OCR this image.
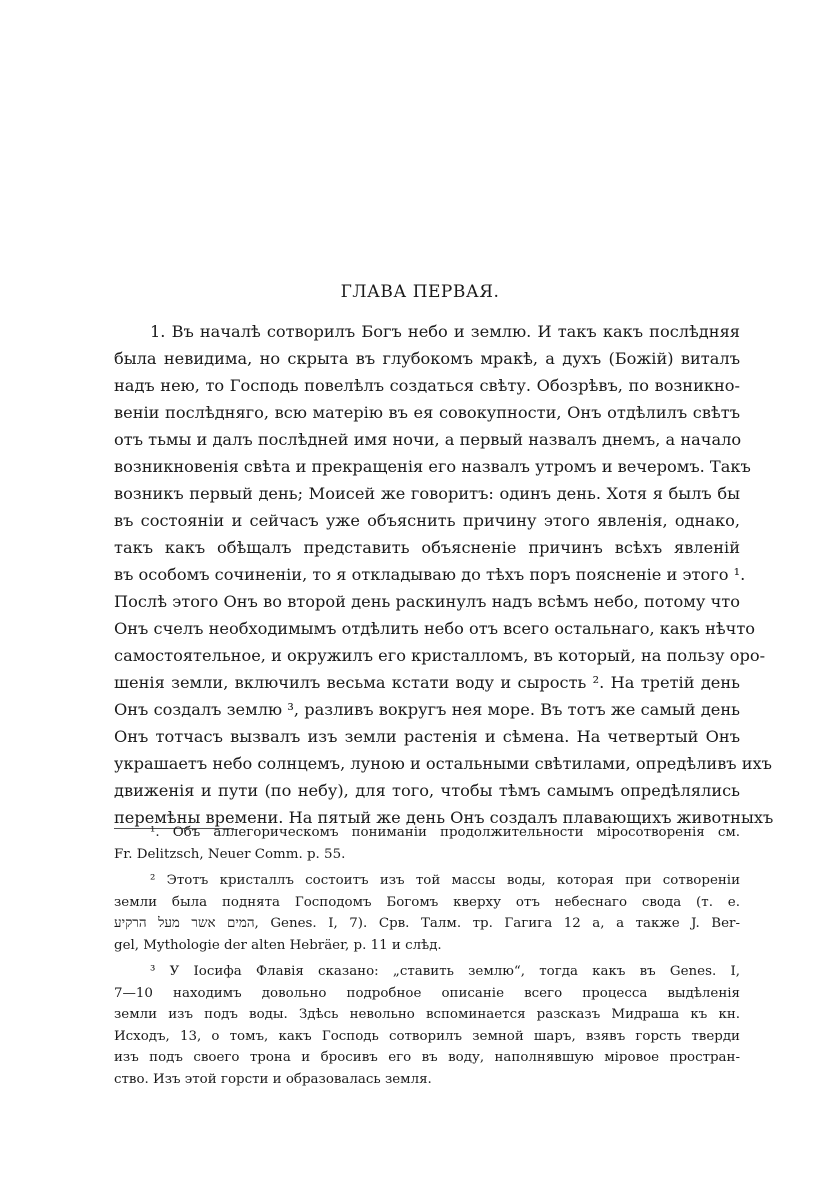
ГЛАВА ПЕРВАЯ.
1. Въ началѣ сотворилъ Богъ небо и землю. И такъ какъ послѣдняя
была невидима, но скрыта въ глубокомъ мракѣ, а духъ (Божій) виталъ
надъ нею, то Господь повелѣлъ создаться свѣту. Обозрѣвъ, по возникно-
веніи послѣдняго, всю матерію въ ея совокупности, Онъ отдѣлилъ свѣтъ
отъ тьмы и далъ послѣдней имя ночи, а первый назвалъ днемъ, а начало
возникновенія свѣта и прекращенія его назвалъ утромъ и вечеромъ. Такъ
возникъ первый день; Моисей же говоритъ: одинъ день. Хотя я былъ бы
въ состояніи и сейчасъ уже объяснить причину этого явленія, однако,
такъ какъ обѣщалъ представить объясненіе причинъ всѣхъ явленій
въ особомъ сочиненіи, то я откладываю до тѣхъ поръ поясненіе и этого ¹.
Послѣ этого Онъ во второй день раскинулъ надъ всѣмъ небо, потому что
Онъ счелъ необходимымъ отдѣлить небо отъ всего остальнаго, какъ нѣчто
самостоятельное, и окружилъ его кристалломъ, въ который, на пользу оро-
шенія земли, включилъ весьма кстати воду и сырость ². На третій день
Онъ создалъ землю ³, разливъ вокругъ нея море. Въ тотъ же самый день
Онъ тотчасъ вызвалъ изъ земли растенія и сѣмена. На четвертый Онъ
украшаетъ небо солнцемъ, луною и остальными свѣтилами, опредѣливъ ихъ
движенія и пути (по небу), для того, чтобы тѣмъ самымъ опредѣлялись
перемѣны времени. На пятый же день Онъ создалъ плавающихъ животныхъ
¹. Объ аллегорическомъ пониманіи продолжительности міросотворенія см.
Fr. Delitzsch, Neuer Comm. p. 55.
² Этотъ кристаллъ состоитъ изъ той массы воды, которая при сотвореніи
земли была поднята Господомъ Богомъ кверху отъ небеснаго свода (т. е.
המים אשר מעל הרקיע, Genes. I, 7). Срв. Талм. тр. Гагига 12 а, а также J. Ber-
gel, Mythologie der alten Hebräer, p. 11 и слѣд.
³ У Іосифа Флавія сказано: „ставить землю“, тогда какъ въ Genes. I,
7—10 находимъ довольно подробное описаніе всего процесса выдѣленія
земли изъ подъ воды. Здѣсь невольно вспоминается разсказъ Мидраша къ кн.
Исходъ, 13, о томъ, какъ Господь сотворилъ земной шаръ, взявъ горсть тверди
изъ подъ своего трона и бросивъ его въ воду, наполнявшую міровое простран-
ство. Изъ этой горсти и образовалась земля.
